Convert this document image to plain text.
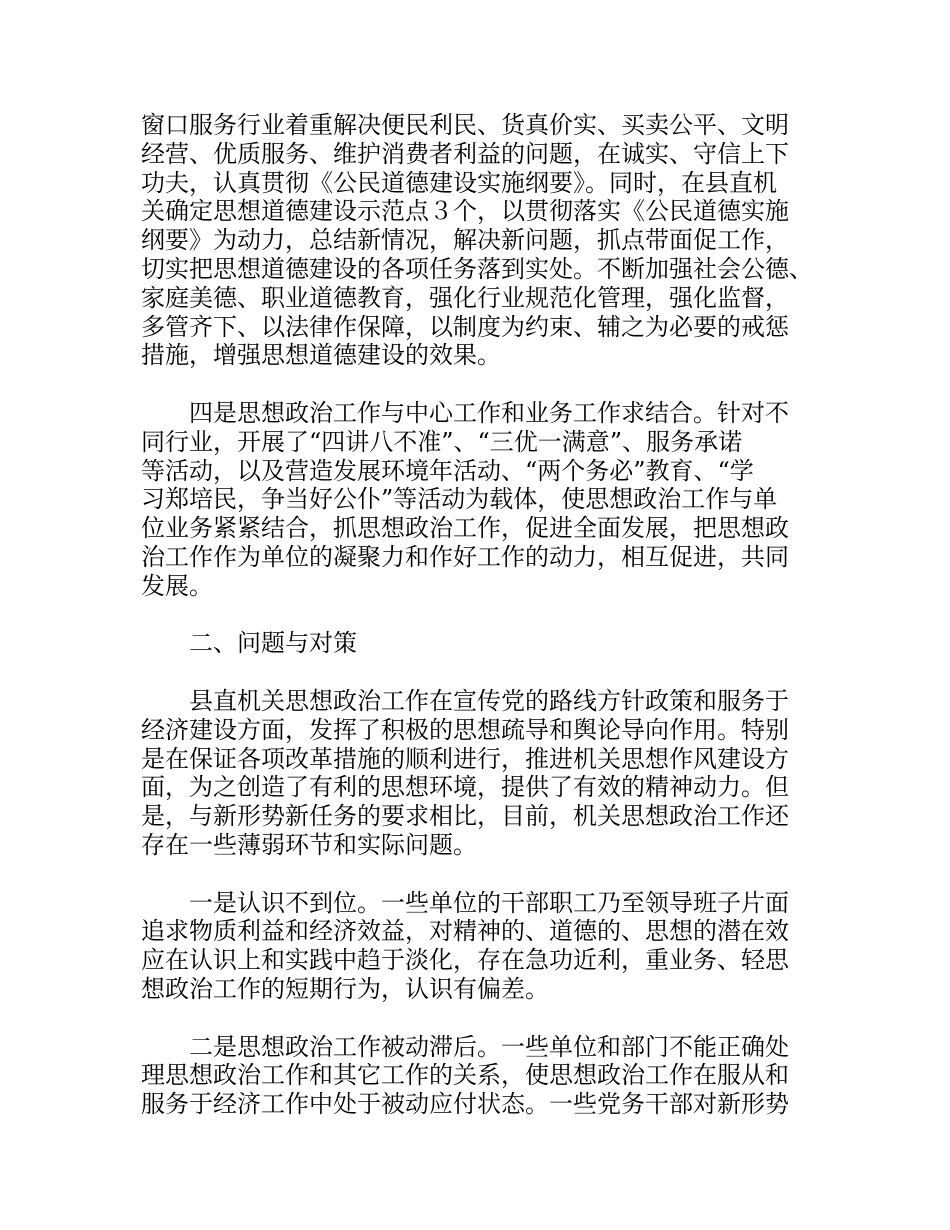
窗口服务行业着重解决便民利民、货真价实、买卖公平、文明
经营、优质服务、维护消费者利益的问题，在诚实、守信上下
功夫，认真贯彻《公民道德建设实施纲要》。同时，在县直机
关确定思想道德建设示范点３个，以贯彻落实《公民道德实施
纲要》为动力，总结新情况，解决新问题，抓点带面促工作，
切实把思想道德建设的各项任务落到实处。不断加强社会公德、
家庭美德、职业道德教育，强化行业规范化管理，强化监督，
多管齐下、以法律作保障，以制度为约束、辅之为必要的戒惩
措施，增强思想道德建设的效果。
四是思想政治工作与中心工作和业务工作求结合。针对不
同行业，开展了“四讲八不准”、“三优一满意”、服务承诺
等活动，以及营造发展环境年活动、“两个务必”教育、“学
习郑培民，争当好公仆”等活动为载体，使思想政治工作与单
位业务紧紧结合，抓思想政治工作，促进全面发展，把思想政
治工作作为单位的凝聚力和作好工作的动力，相互促进，共同
发展。
二、问题与对策
县直机关思想政治工作在宣传党的路线方针政策和服务于
经济建设方面，发挥了积极的思想疏导和舆论导向作用。特别
是在保证各项改革措施的顺利进行，推进机关思想作风建设方
面，为之创造了有利的思想环境，提供了有效的精神动力。但
是，与新形势新任务的要求相比，目前，机关思想政治工作还
存在一些薄弱环节和实际问题。
一是认识不到位。一些单位的干部职工乃至领导班子片面
追求物质利益和经济效益，对精神的、道德的、思想的潜在效
应在认识上和实践中趋于淡化，存在急功近利，重业务、轻思
想政治工作的短期行为，认识有偏差。
二是思想政治工作被动滞后。一些单位和部门不能正确处
理思想政治工作和其它工作的关系，使思想政治工作在服从和
服务于经济工作中处于被动应付状态。一些党务干部对新形势
